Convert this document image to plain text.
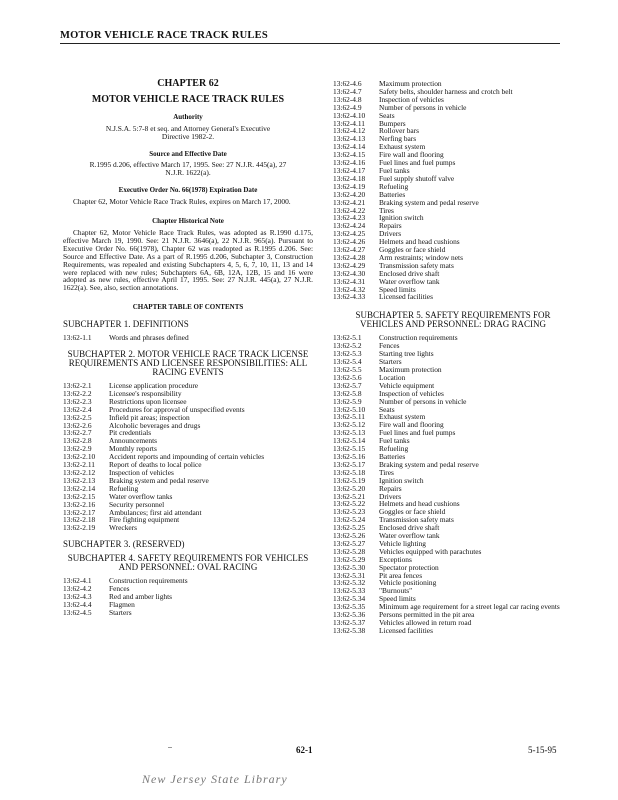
MOTOR VEHICLE RACE TRACK RULES
CHAPTER 62
MOTOR VEHICLE RACE TRACK RULES
Authority
N.J.S.A. 5:7-8 et seq. and Attorney General's Executive Directive 1982-2.
Source and Effective Date
R.1995 d.206, effective March 17, 1995. See: 27 N.J.R. 445(a), 27 N.J.R. 1622(a).
Executive Order No. 66(1978) Expiration Date
Chapter 62, Motor Vehicle Race Track Rules, expires on March 17, 2000.
Chapter Historical Note
Chapter 62, Motor Vehicle Race Track Rules, was adopted as R.1990 d.175, effective March 19, 1990. See: 21 N.J.R. 3646(a), 22 N.J.R. 965(a). Pursuant to Executive Order No. 66(1978), Chapter 62 was readopted as R.1995 d.206. See: Source and Effective Date. As a part of R.1995 d.206, Subchapter 3, Construction Requirements, was repealed and existing Subchapters 4, 5, 6, 7, 10, 11, 13 and 14 were replaced with new rules; Subchapters 6A, 6B, 12A, 12B, 15 and 16 were adopted as new rules, effective April 17, 1995. See: 27 N.J.R. 445(a), 27 N.J.R. 1622(a). See, also, section annotations.
CHAPTER TABLE OF CONTENTS
SUBCHAPTER 1. DEFINITIONS
13:62-1.1	Words and phrases defined
SUBCHAPTER 2. MOTOR VEHICLE RACE TRACK LICENSE REQUIREMENTS AND LICENSEE RESPONSIBILITIES: ALL RACING EVENTS
13:62-2.1	License application procedure
13:62-2.2	Licensee's responsibility
13:62-2.3	Restrictions upon licensee
13:62-2.4	Procedures for approval of unspecified events
13:62-2.5	Infield pit areas; inspection
13:62-2.6	Alcoholic beverages and drugs
13:62-2.7	Pit credentials
13:62-2.8	Announcements
13:62-2.9	Monthly reports
13:62-2.10	Accident reports and impounding of certain vehicles
13:62-2.11	Report of deaths to local police
13:62-2.12	Inspection of vehicles
13:62-2.13	Braking system and pedal reserve
13:62-2.14	Refueling
13:62-2.15	Water overflow tanks
13:62-2.16	Security personnel
13:62-2.17	Ambulances; first aid attendant
13:62-2.18	Fire fighting equipment
13:62-2.19	Wreckers
SUBCHAPTER 3. (RESERVED)
SUBCHAPTER 4. SAFETY REQUIREMENTS FOR VEHICLES AND PERSONNEL: OVAL RACING
13:62-4.1	Construction requirements
13:62-4.2	Fences
13:62-4.3	Red and amber lights
13:62-4.4	Flagmen
13:62-4.5	Starters
13:62-4.6	Maximum protection
13:62-4.7	Safety belts, shoulder harness and crotch belt
13:62-4.8	Inspection of vehicles
13:62-4.9	Number of persons in vehicle
13:62-4.10	Seats
13:62-4.11	Bumpers
13:62-4.12	Rollover bars
13:62-4.13	Nerfing bars
13:62-4.14	Exhaust system
13:62-4.15	Fire wall and flooring
13:62-4.16	Fuel lines and fuel pumps
13:62-4.17	Fuel tanks
13:62-4.18	Fuel supply shutoff valve
13:62-4.19	Refueling
13:62-4.20	Batteries
13:62-4.21	Braking system and pedal reserve
13:62-4.22	Tires
13:62-4.23	Ignition switch
13:62-4.24	Repairs
13:62-4.25	Drivers
13:62-4.26	Helmets and head cushions
13:62-4.27	Goggles or face shield
13:62-4.28	Arm restraints; window nets
13:62-4.29	Transmission safety mats
13:62-4.30	Enclosed drive shaft
13:62-4.31	Water overflow tank
13:62-4.32	Speed limits
13:62-4.33	Licensed facilities
SUBCHAPTER 5. SAFETY REQUIREMENTS FOR VEHICLES AND PERSONNEL: DRAG RACING
13:62-5.1	Construction requirements
13:62-5.2	Fences
13:62-5.3	Starting tree lights
13:62-5.4	Starters
13:62-5.5	Maximum protection
13:62-5.6	Location
13:62-5.7	Vehicle equipment
13:62-5.8	Inspection of vehicles
13:62-5.9	Number of persons in vehicle
13:62-5.10	Seats
13:62-5.11	Exhaust system
13:62-5.12	Fire wall and flooring
13:62-5.13	Fuel lines and fuel pumps
13:62-5.14	Fuel tanks
13:62-5.15	Refueling
13:62-5.16	Batteries
13:62-5.17	Braking system and pedal reserve
13:62-5.18	Tires
13:62-5.19	Ignition switch
13:62-5.20	Repairs
13:62-5.21	Drivers
13:62-5.22	Helmets and head cushions
13:62-5.23	Goggles or face shield
13:62-5.24	Transmission safety mats
13:62-5.25	Enclosed drive shaft
13:62-5.26	Water overflow tank
13:62-5.27	Vehicle lighting
13:62-5.28	Vehicles equipped with parachutes
13:62-5.29	Exceptions
13:62-5.30	Spectator protection
13:62-5.31	Pit area fences
13:62-5.32	Vehicle positioning
13:62-5.33	"Burnouts"
13:62-5.34	Speed limits
13:62-5.35	Minimum age requirement for a street legal car racing events
13:62-5.36	Persons permitted in the pit area
13:62-5.37	Vehicles allowed in return road
13:62-5.38	Licensed facilities
62-1	5-15-95
New Jersey State Library
